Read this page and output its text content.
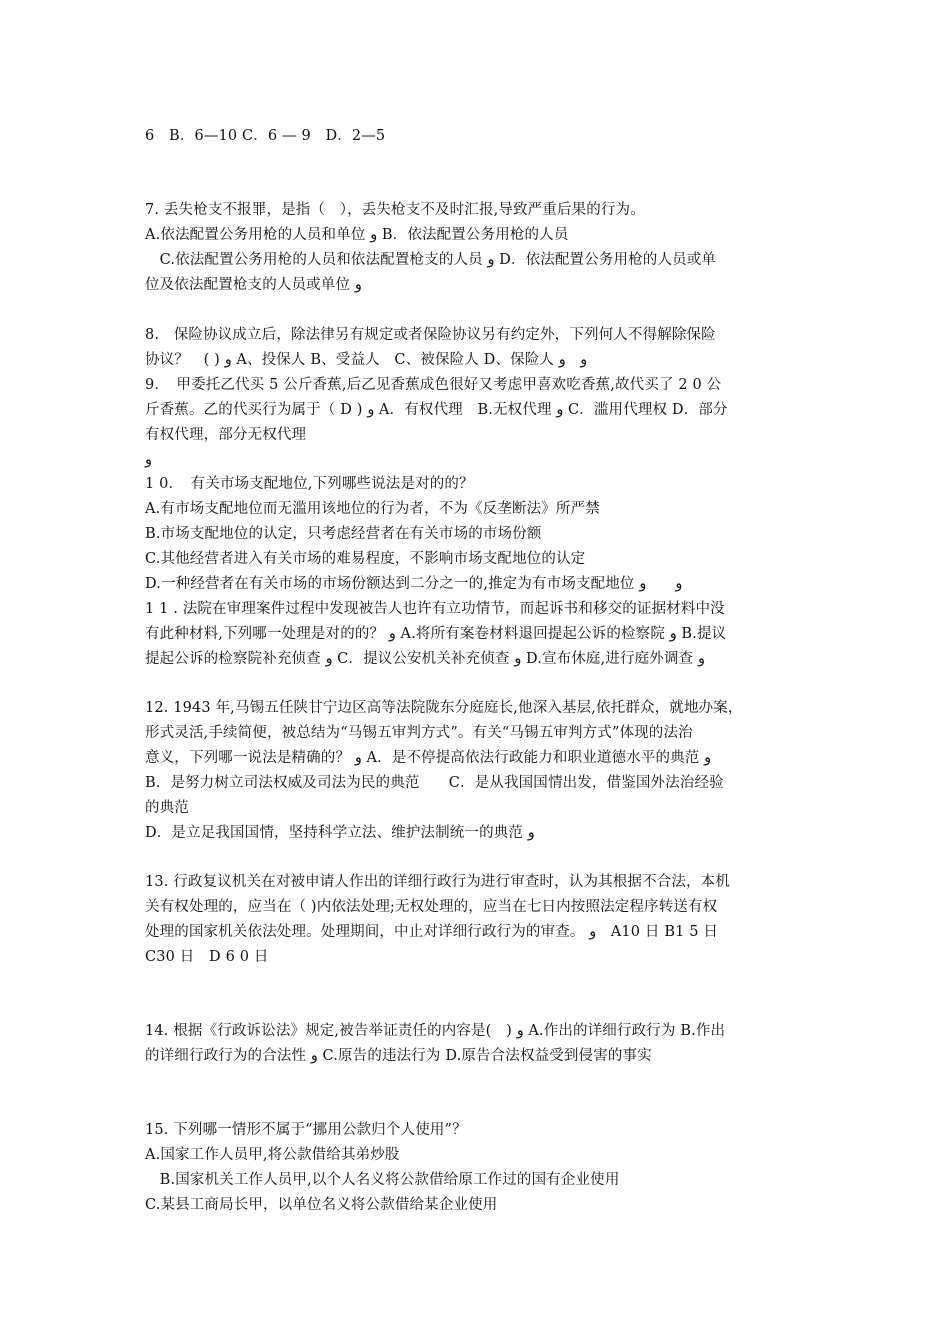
6　B．6—10 C．6 — 9　D．2—5
7. 丢失枪支不报罪，是指（　），丢失枪支不及时汇报,导致严重后果的行为。
A.依法配置公务用枪的人员和单位 و B．依法配置公务用枪的人员
　C.依法配置公务用枪的人员和依法配置枪支的人员 و D．依法配置公务用枪的人员或单
位及依法配置枪支的人员或单位 و
8.　保险协议成立后，除法律另有规定或者保险协议另有约定外，下列何人不得解除保险
协议？　( ) و A、投保人 B、受益人　C、被保险人 D、保险人 و　و
9．　甲委托乙代买 5 公斤香蕉,后乙见香蕉成色很好又考虑甲喜欢吃香蕉,故代买了 2 0 公
斤香蕉。乙的代买行为属于（ D ) و A．有权代理　B.无权代理 و C．滥用代理权 D．部分
有权代理，部分无权代理
و
1 0．　有关市场支配地位,下列哪些说法是对的的？
A.有市场支配地位而无滥用该地位的行为者，不为《反垄断法》所严禁
B.市场支配地位的认定，只考虑经营者在有关市场的市场份额
C.其他经营者进入有关市场的难易程度，不影响市场支配地位的认定
D.一种经营者在有关市场的市场份额达到二分之一的,推定为有市场支配地位 و　　و
1 1 . 法院在审理案件过程中发现被告人也许有立功情节，而起诉书和移交的证据材料中没
有此种材料,下列哪一处理是对的的？ و A.将所有案卷材料退回提起公诉的检察院 و B.提议
提起公诉的检察院补充侦查 و C．提议公安机关补充侦查 و D.宣布休庭,进行庭外调查 و
12. 1943 年,马锡五任陕甘宁边区高等法院陇东分庭庭长,他深入基层,依托群众，就地办案，
形式灵活,手续简便，被总结为“马锡五审判方式”。有关“马锡五审判方式”体现的法治
意义，下列哪一说法是精确的？ و A．是不停提高依法行政能力和职业道德水平的典范 و
B．是努力树立司法权威及司法为民的典范　　C．是从我国国情出发，借鉴国外法治经验
的典范
D．是立足我国国情，坚持科学立法、维护法制统一的典范 و
13. 行政复议机关在对被申请人作出的详细行政行为进行审查时，认为其根据不合法，本机
关有权处理的，应当在（ )内依法处理;无权处理的，应当在七日内按照法定程序转送有权
处理的国家机关依法处理。处理期间，中止对详细行政行为的审查。 و　A10 日 B1 5 日
C30 日　D 6 0 日
14. 根据《行政诉讼法》规定,被告举证责任的内容是(　) و A.作出的详细行政行为 B.作出
的详细行政行为的合法性 و C.原告的违法行为 D.原告合法权益受到侵害的事实
15. 下列哪一情形不属于“挪用公款归个人使用”？
A.国家工作人员甲,将公款借给其弟炒股
　B.国家机关工作人员甲,以个人名义将公款借给原工作过的国有企业使用
C.某县工商局长甲，以单位名义将公款借给某企业使用
